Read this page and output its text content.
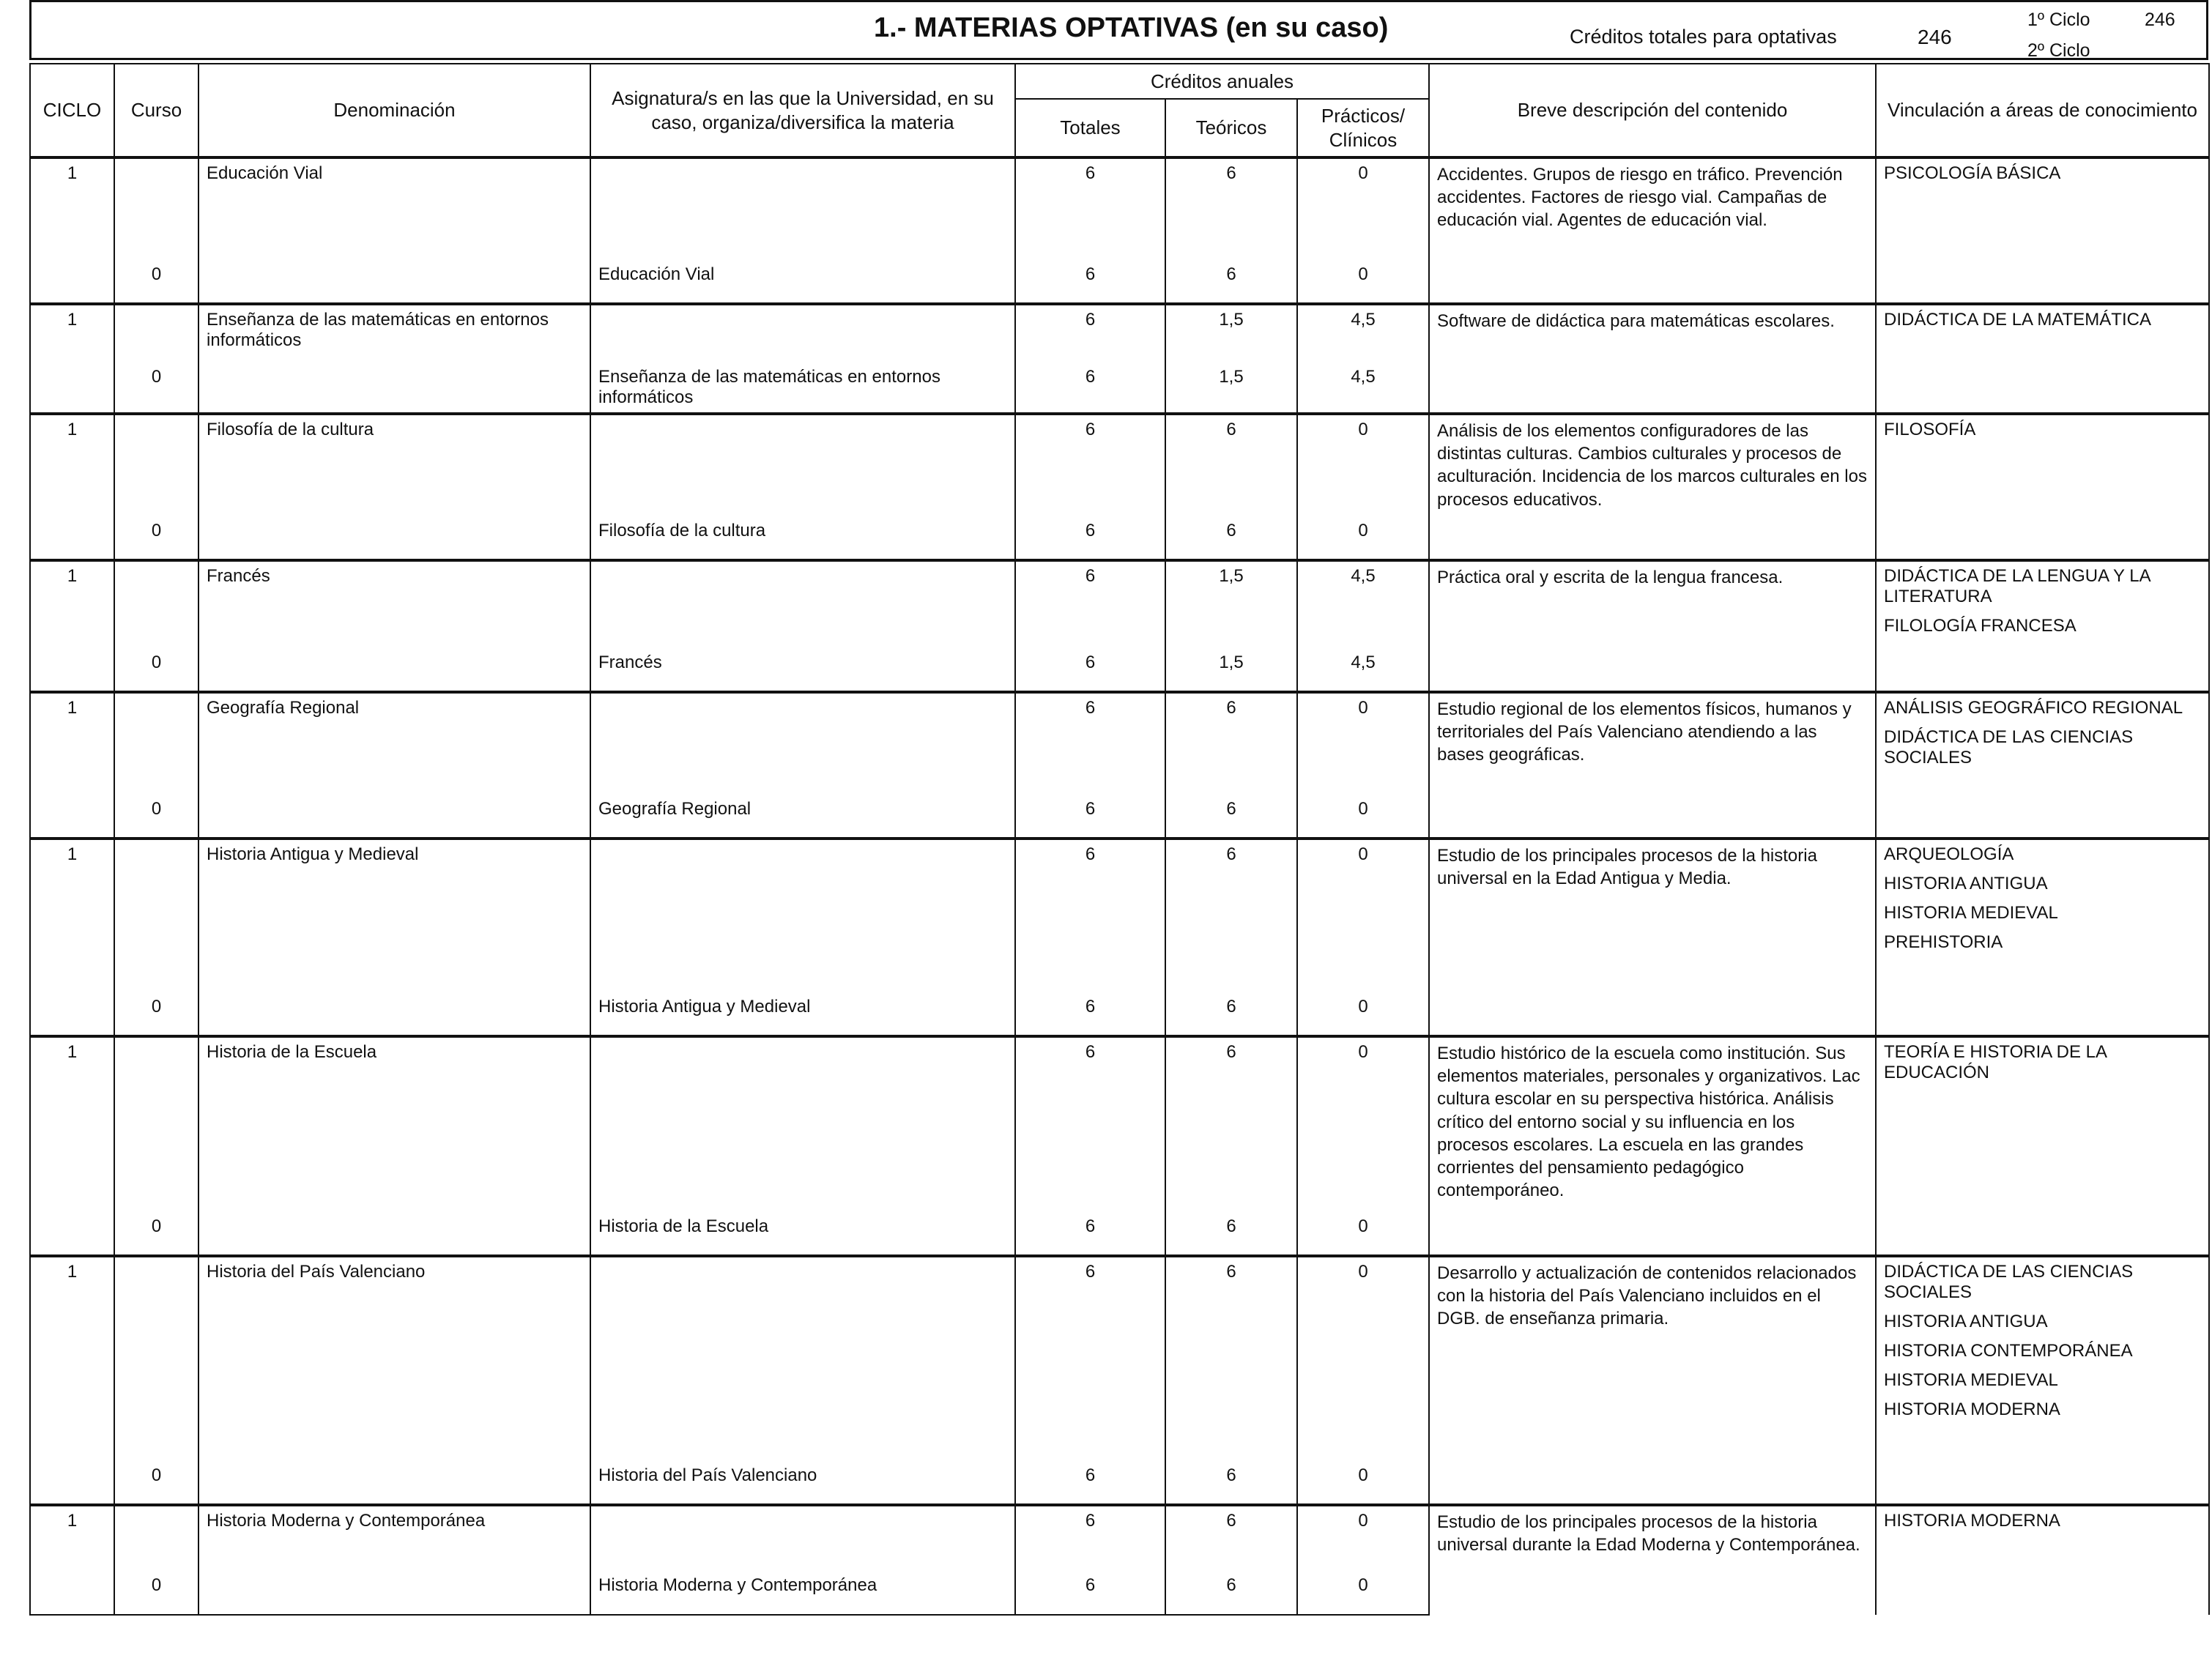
1.- MATERIAS OPTATIVAS (en su caso)	Créditos totales para optativas	246
1º Ciclo	246
2º Ciclo
CICLO	Curso	Denominación	Asignatura/s en las que la Universidad, en su caso, organiza/diversifica la materia	Créditos anuales			Breve descripción del contenido	Vinculación a áreas de conocimiento
				Totales	Teóricos	Prácticos/ Clínicos		
1		Educación Vial		6	6	0	Accidentes. Grupos de riesgo en tráfico. Prevención accidentes. Factores de riesgo vial. Campañas de educación vial. Agentes de educación vial.	PSICOLOGÍA BÁSICA

	0		Educación Vial	6	6	0		
1		Enseñanza de las matemáticas en entornos informáticos		6	1,5	4,5	Software de didáctica para matemáticas escolares.	DIDÁCTICA DE LA MATEMÁTICA

	0		Enseñanza de las matemáticas en entornos informáticos	6	1,5	4,5		
1		Filosofía de la cultura		6	6	0	Análisis de los elementos configuradores de las distintas culturas. Cambios culturales y procesos de aculturación. Incidencia de los marcos culturales en los procesos educativos.	FILOSOFÍA

	0		Filosofía de la cultura	6	6	0		
1		Francés		6	1,5	4,5	Práctica oral y escrita de la lengua francesa.	DIDÁCTICA DE LA LENGUA Y LA LITERATURA
FILOLOGÍA FRANCESA

	0		Francés	6	1,5	4,5		
1		Geografía Regional		6	6	0	Estudio regional de los elementos físicos, humanos y territoriales del País Valenciano atendiendo a las bases geográficas.	ANÁLISIS GEOGRÁFICO REGIONAL
DIDÁCTICA DE LAS CIENCIAS SOCIALES

	0		Geografía Regional	6	6	0		
1		Historia Antigua y Medieval		6	6	0	Estudio de los principales procesos de la historia universal en la Edad Antigua y Media.	ARQUEOLOGÍA
HISTORIA ANTIGUA
HISTORIA MEDIEVAL
PREHISTORIA

	0		Historia Antigua y Medieval	6	6	0		
1		Historia de la Escuela		6	6	0	Estudio histórico de la escuela como institución. Sus elementos materiales, personales y organizativos. Lac cultura escolar en su perspectiva histórica. Análisis crítico del entorno social y su influencia en los procesos escolares. La escuela en las grandes corrientes del pensamiento pedagógico contemporáneo.	TEORÍA E HISTORIA DE LA EDUCACIÓN

	0		Historia de la Escuela	6	6	0		
1		Historia del País Valenciano		6	6	0	Desarrollo y actualización de contenidos relacionados con la historia del País Valenciano incluidos en el DGB. de enseñanza primaria.	DIDÁCTICA DE LAS CIENCIAS SOCIALES
HISTORIA ANTIGUA
HISTORIA CONTEMPORÁNEA
HISTORIA MEDIEVAL
HISTORIA MODERNA

	0		Historia del País Valenciano	6	6	0		
1		Historia Moderna y Contemporánea		6	6	0	Estudio de los principales procesos de la historia universal durante la Edad Moderna y Contemporánea.	HISTORIA MODERNA

	0		Historia Moderna y Contemporánea	6	6	0		
